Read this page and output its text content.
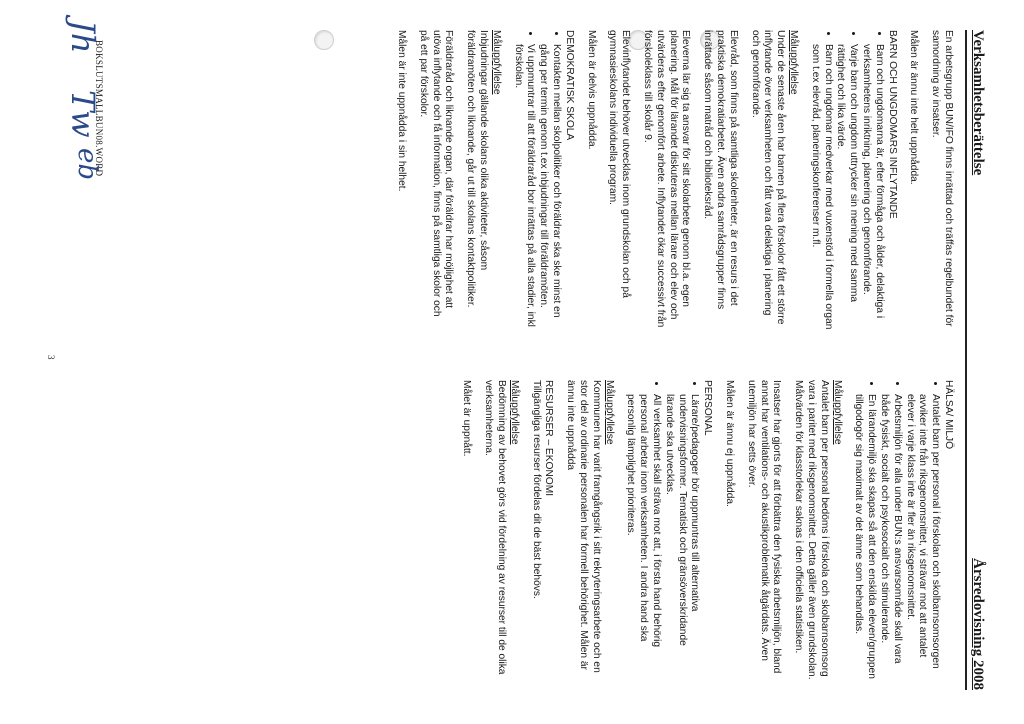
Verksamhetsberättelse
Årsredovisning 2008

En arbetsgrupp BUN/IFO finns inrättad och träffas regelbundet för samordning av insatser.

Målen är ännu inte helt uppnådda.

BARN OCH UNGDOMARS INFLYTANDE
• Barn och ungdomarna är, efter förmåga och ålder, delaktiga i verksamhetens inriktning, planering och genomförande.
• Varje barn och ungdom uttrycker sin mening med samma rättighet och lika värde.
• Barn och ungdomar medverkar med vuxenstöd i formella organ som t.ex elevråd, planeringskonferenser m.fl.

Måluppfyllelse
Under de senaste åren har barnen på flera förskolor fått ett större inflytande över verksamheten och fått vara delaktiga i planering och genomförande.

Elevråd, som finns på samtliga skolenheter, är en resurs i det praktiska demokratiarbetet. Även andra samrådsgrupper finns inrättade såsom matråd och biblioteksråd.

Eleverna lär sig ta ansvar för sitt skolarbete genom bl.a. egen planering. Mål för lärandet diskuteras mellan lärare och elev och utvärderas efter genomfört arbete. Inflytandet ökar successivt från förskoleklass till skolår 9.

Elevinflytandet behöver utvecklas inom grundskolan och på gymnasieskolans individuella program.

Målen är delvis uppnådda.

DEMOKRATISK SKOLA
• Kontakten mellan skolpolitiker och föräldrar ska ske minst en gång per termin genom t.ex inbjudningar till föräldramöten.
• Vi uppmuntrar till att föräldraråd bor inrättas på alla stadier, inkl förskolan.

Måluppfyllelse
Inbjudningar gällande skolans olika aktiviteter, såsom föräldramöten och liknande, går ut till skolans kontaktpolitiker.

Föräldraråd och liknande organ, där föräldrar har möjlighet att utöva inflytande och få information, finns på samtliga skolor och på ett par förskolor.

Målen är inte uppnådda i sin helhet.

HÄLSA/ MILJÖ
• Antalet barn per personal i förskolan och skolbarnsomsorgen avviker inte från riksgenomsnittet, vi strävar mot att antalet elever i varje klass inte är fler än riksgenomsnittet.
• Arbetsmiljön för alla under BUN:s ansvarsområde skall vara både fysiskt, socialt och psykosocialt och stimulerande.
• En lärandemiljö ska skapas så att den enskilda eleven/gruppen tillgodogör sig maximalt av det ämne som behandlas.

Måluppfyllelse
Antalet barn per personal bedöms i förskola och skolbarnsomsorg vara i paritet med riksgenomsnittet. Detta gäller även grundskolan. Måtvärden för klasstorlekar saknas i den officiella statistiken.

Insatser har gjorts för att förbättra den fysiska arbetsmiljön, bland annat har ventilations- och akustikproblematik åtgärdats. Även utemiljön har setts över.

Målen är ännu ej uppnådda.

PERSONAL
• Lärare/pedagoger bör uppmuntras till alternativa undervisningsformer. Tematiskt och gränsöverskridande lärande ska utvecklas.
• All verksamhet skall sträva mot att, i första hand behörig personal arbetar inom verksamheten. I andra hand ska personlig lämplighet prioriteras.

Måluppfyllelse
Kommunen har varit framgångsrik i sitt rekryteringsarbete och en stor del av ordinarie personalen har formell behörighet. Målen är ännu inte uppnådda

RESURSER – EKONOMI

Tillgängliga resurser fördelas dit de bäst behövs.

Måluppfyllelse
Bedömning av behovet görs vid fördelning av resurser till de olika verksamheterna.

Målet är uppnått.

BOKSLUTSMALLBUN08.WORD
3
Jh
Tw
eb
